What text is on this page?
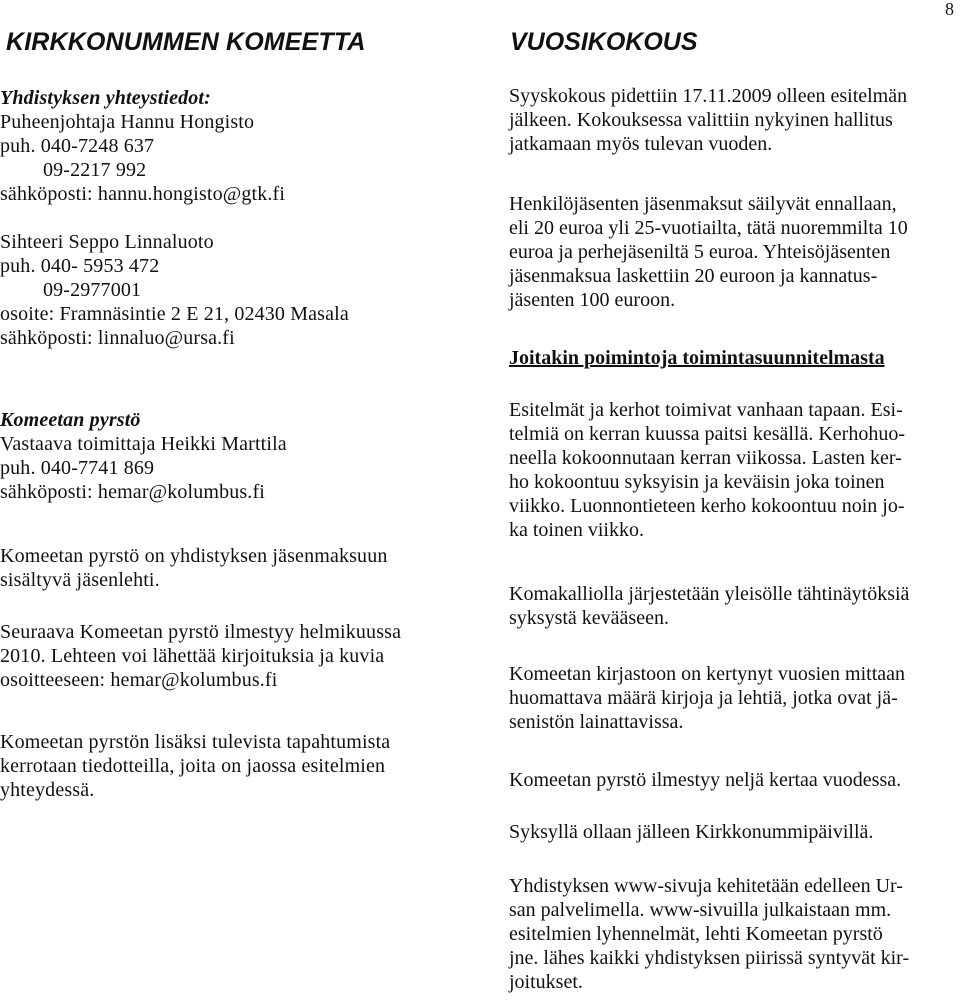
8
KIRKKONUMMEN KOMEETTA
Yhdistyksen yhteystiedot:
Puheenjohtaja Hannu Hongisto
puh. 040-7248 637
09-2217 992
sähköposti: hannu.hongisto@gtk.fi
Sihteeri Seppo Linnaluoto
puh. 040- 5953 472
09-2977001
osoite: Framnäsintie 2 E 21, 02430 Masala
sähköposti: linnaluo@ursa.fi
Komeetan pyrstö
Vastaava toimittaja Heikki Marttila
puh. 040-7741 869
sähköposti: hemar@kolumbus.fi
Komeetan pyrstö on yhdistyksen jäsenmaksuun
sisältyvä jäsenlehti.
Seuraava Komeetan pyrstö ilmestyy helmikuussa
2010. Lehteen voi lähettää kirjoituksia ja kuvia
osoitteeseen: hemar@kolumbus.fi
Komeetan pyrstön lisäksi tulevista tapahtumista
kerrotaan tiedotteilla, joita on jaossa esitelmien
yhteydessä.
VUOSIKOKOUS
Syyskokous pidettiin 17.11.2009 olleen esitelmän
jälkeen. Kokouksessa valittiin nykyinen hallitus
jatkamaan myös tulevan vuoden.
Henkilöjäsenten jäsenmaksut säilyvät ennallaan,
eli 20 euroa yli 25-vuotiailta, tätä nuoremmilta 10
euroa ja perhejäseniltä 5 euroa. Yhteisöjäsenten
jäsenmaksua laskettiin 20 euroon ja kannatus-
jäsenten 100 euroon.
Joitakin poimintoja toimintasuunnitelmasta
Esitelmät ja kerhot toimivat vanhaan tapaan. Esi-
telmiä on kerran kuussa paitsi kesällä. Kerhohuo-
neella kokoonnutaan kerran viikossa. Lasten ker-
ho kokoontuu syksyisin ja keväisin joka toinen
viikko. Luonnontieteen kerho kokoontuu noin jo-
ka toinen viikko.
Komakalliolla järjestetään yleisölle tähtinäytöksiä
syksystä kevääseen.
Komeetan kirjastoon on kertynyt vuosien mittaan
huomattava määrä kirjoja ja lehtiä, jotka ovat jä-
senistön lainattavissa.
Komeetan pyrstö ilmestyy neljä kertaa vuodessa.
Syksyllä ollaan jälleen Kirkkonummipäivillä.
Yhdistyksen www-sivuja kehitetään edelleen Ur-
san palvelimella. www-sivuilla julkaistaan mm.
esitelmien lyhennelmät, lehti Komeetan pyrstö
jne. lähes kaikki yhdistyksen piirissä syntyvät kir-
joitukset.
